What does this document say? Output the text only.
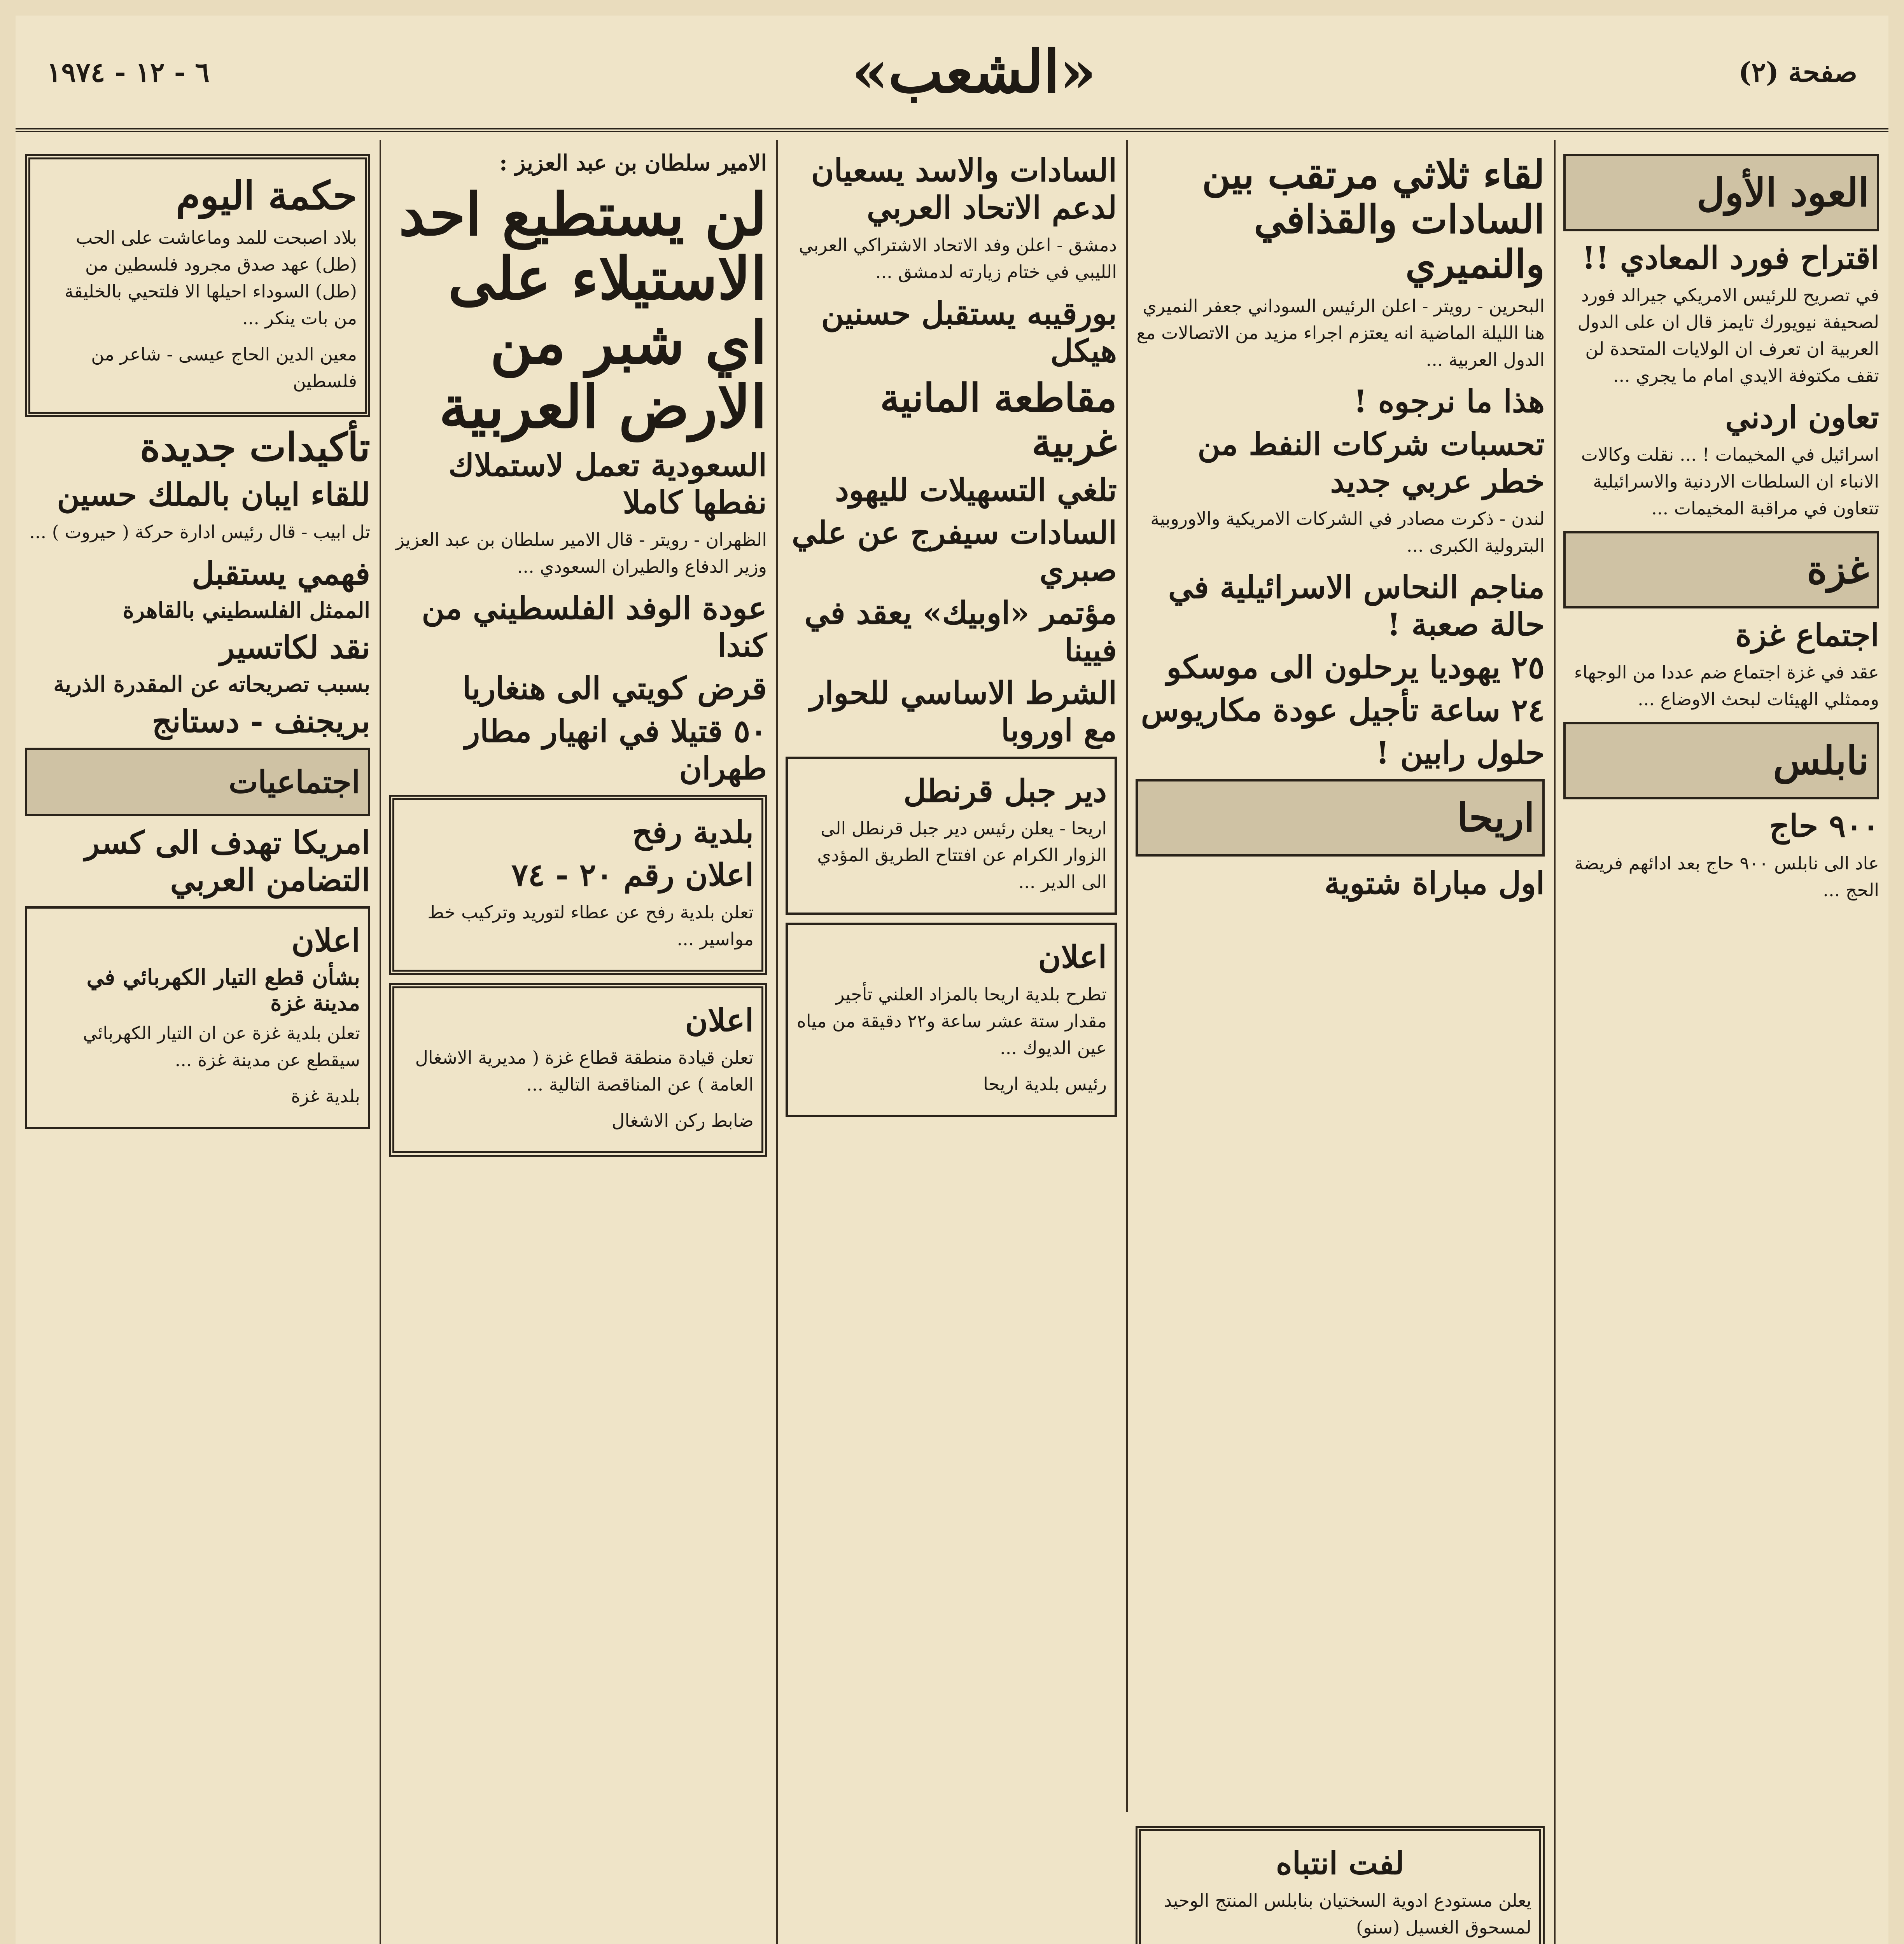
٦ - ١٢ - ١٩٧٤	«الشعب»	صفحة (٢)
العود الأول
اقتراح فورد المعادي !!
في تصريح للرئيس الامريكي جيرالد فورد لصحيفة نيويورك تايمز قال ان على الدول العربية ان تعرف ان الولايات المتحدة لن تقف مكتوفة الايدي امام ما يجري ...
تعاون اردني
اسرائيل في المخيمات ! ... نقلت وكالات الانباء ان السلطات الاردنية والاسرائيلية تتعاون في مراقبة المخيمات ...
غزة
اجتماع غزة
عقد في غزة اجتماع ضم عددا من الوجهاء وممثلي الهيئات لبحث الاوضاع ...
نابلس
٩٠٠ حاج
عاد الى نابلس ٩٠٠ حاج بعد ادائهم فريضة الحج ...
لقاء ثلاثي مرتقب بين السادات والقذافي والنميري
البحرين - رويتر - اعلن الرئيس السوداني جعفر النميري هنا الليلة الماضية انه يعتزم اجراء مزيد من الاتصالات مع الدول العربية ...
هذا ما نرجوه !
تحسبات شركات النفط من خطر عربي جديد
لندن - ذكرت مصادر في الشركات الامريكية والاوروبية البترولية الكبرى ...
مناجم النحاس الاسرائيلية في حالة صعبة !
٢٥ يهوديا يرحلون الى موسكو
٢٤ ساعة تأجيل عودة مكاريوس
حلول رابين !
اريحا
اول مباراة شتوية
السادات والاسد يسعيان لدعم الاتحاد العربي
دمشق - اعلن وفد الاتحاد الاشتراكي العربي الليبي في ختام زيارته لدمشق ...
بورقيبه يستقبل حسنين هيكل
مقاطعة المانية غربية
تلغي التسهيلات لليهود
السادات سيفرج عن علي صبري
مؤتمر «اوبيك» يعقد في فيينا
الشرط الاساسي للحوار مع اوروبا
دير جبل قرنطل
اريحا - يعلن رئيس دير جبل قرنطل الى الزوار الكرام عن افتتاح الطريق المؤدي الى الدير ...
اعلان
تطرح بلدية اريحا بالمزاد العلني تأجير مقدار ستة عشر ساعة و٢٢ دقيقة من مياه عين الديوك ...
رئيس بلدية اريحا
الامير سلطان بن عبد العزيز :
لن يستطيع احد الاستيلاء على اي شبر من الارض العربية
السعودية تعمل لاستملاك نفطها كاملا
الظهران - رويتر - قال الامير سلطان بن عبد العزيز وزير الدفاع والطيران السعودي ...
عودة الوفد الفلسطيني من كندا
قرض كويتي الى هنغاريا
٥٠ قتيلا في انهيار مطار طهران
بلدية رفح
اعلان رقم ٢٠ - ٧٤
تعلن بلدية رفح عن عطاء لتوريد وتركيب خط مواسير ...
اعلان
تعلن قيادة منطقة قطاع غزة ( مديرية الاشغال العامة ) عن المناقصة التالية ...
ضابط ركن الاشغال
حكمة اليوم
بلاد اصبحت للمد وماعاشت على الحب (طل) عهد صدق مجرود فلسطين من (طل) السوداء احيلها الا فلتحيي بالخليقة من بات ينكر ...
معين الدين الحاج عيسى - شاعر من فلسطين
تأكيدات جديدة
للقاء ايبان بالملك حسين
تل ابيب - قال رئيس ادارة حركة ( حيروت ) ...
فهمي يستقبل
الممثل الفلسطيني بالقاهرة
نقد لكاتسير
بسبب تصريحاته عن المقدرة الذرية
بريجنف - دستانج
اجتماعيات
امريكا تهدف الى كسر التضامن العربي
اعلان
بشأن قطع التيار الكهربائي في مدينة غزة
تعلن بلدية غزة عن ان التيار الكهربائي سيقطع عن مدينة غزة ...
بلدية غزة
لفت انتباه
يعلن مستودع ادوية السختيان بنابلس المنتج الوحيد لمسحوق الغسيل (سنو)
